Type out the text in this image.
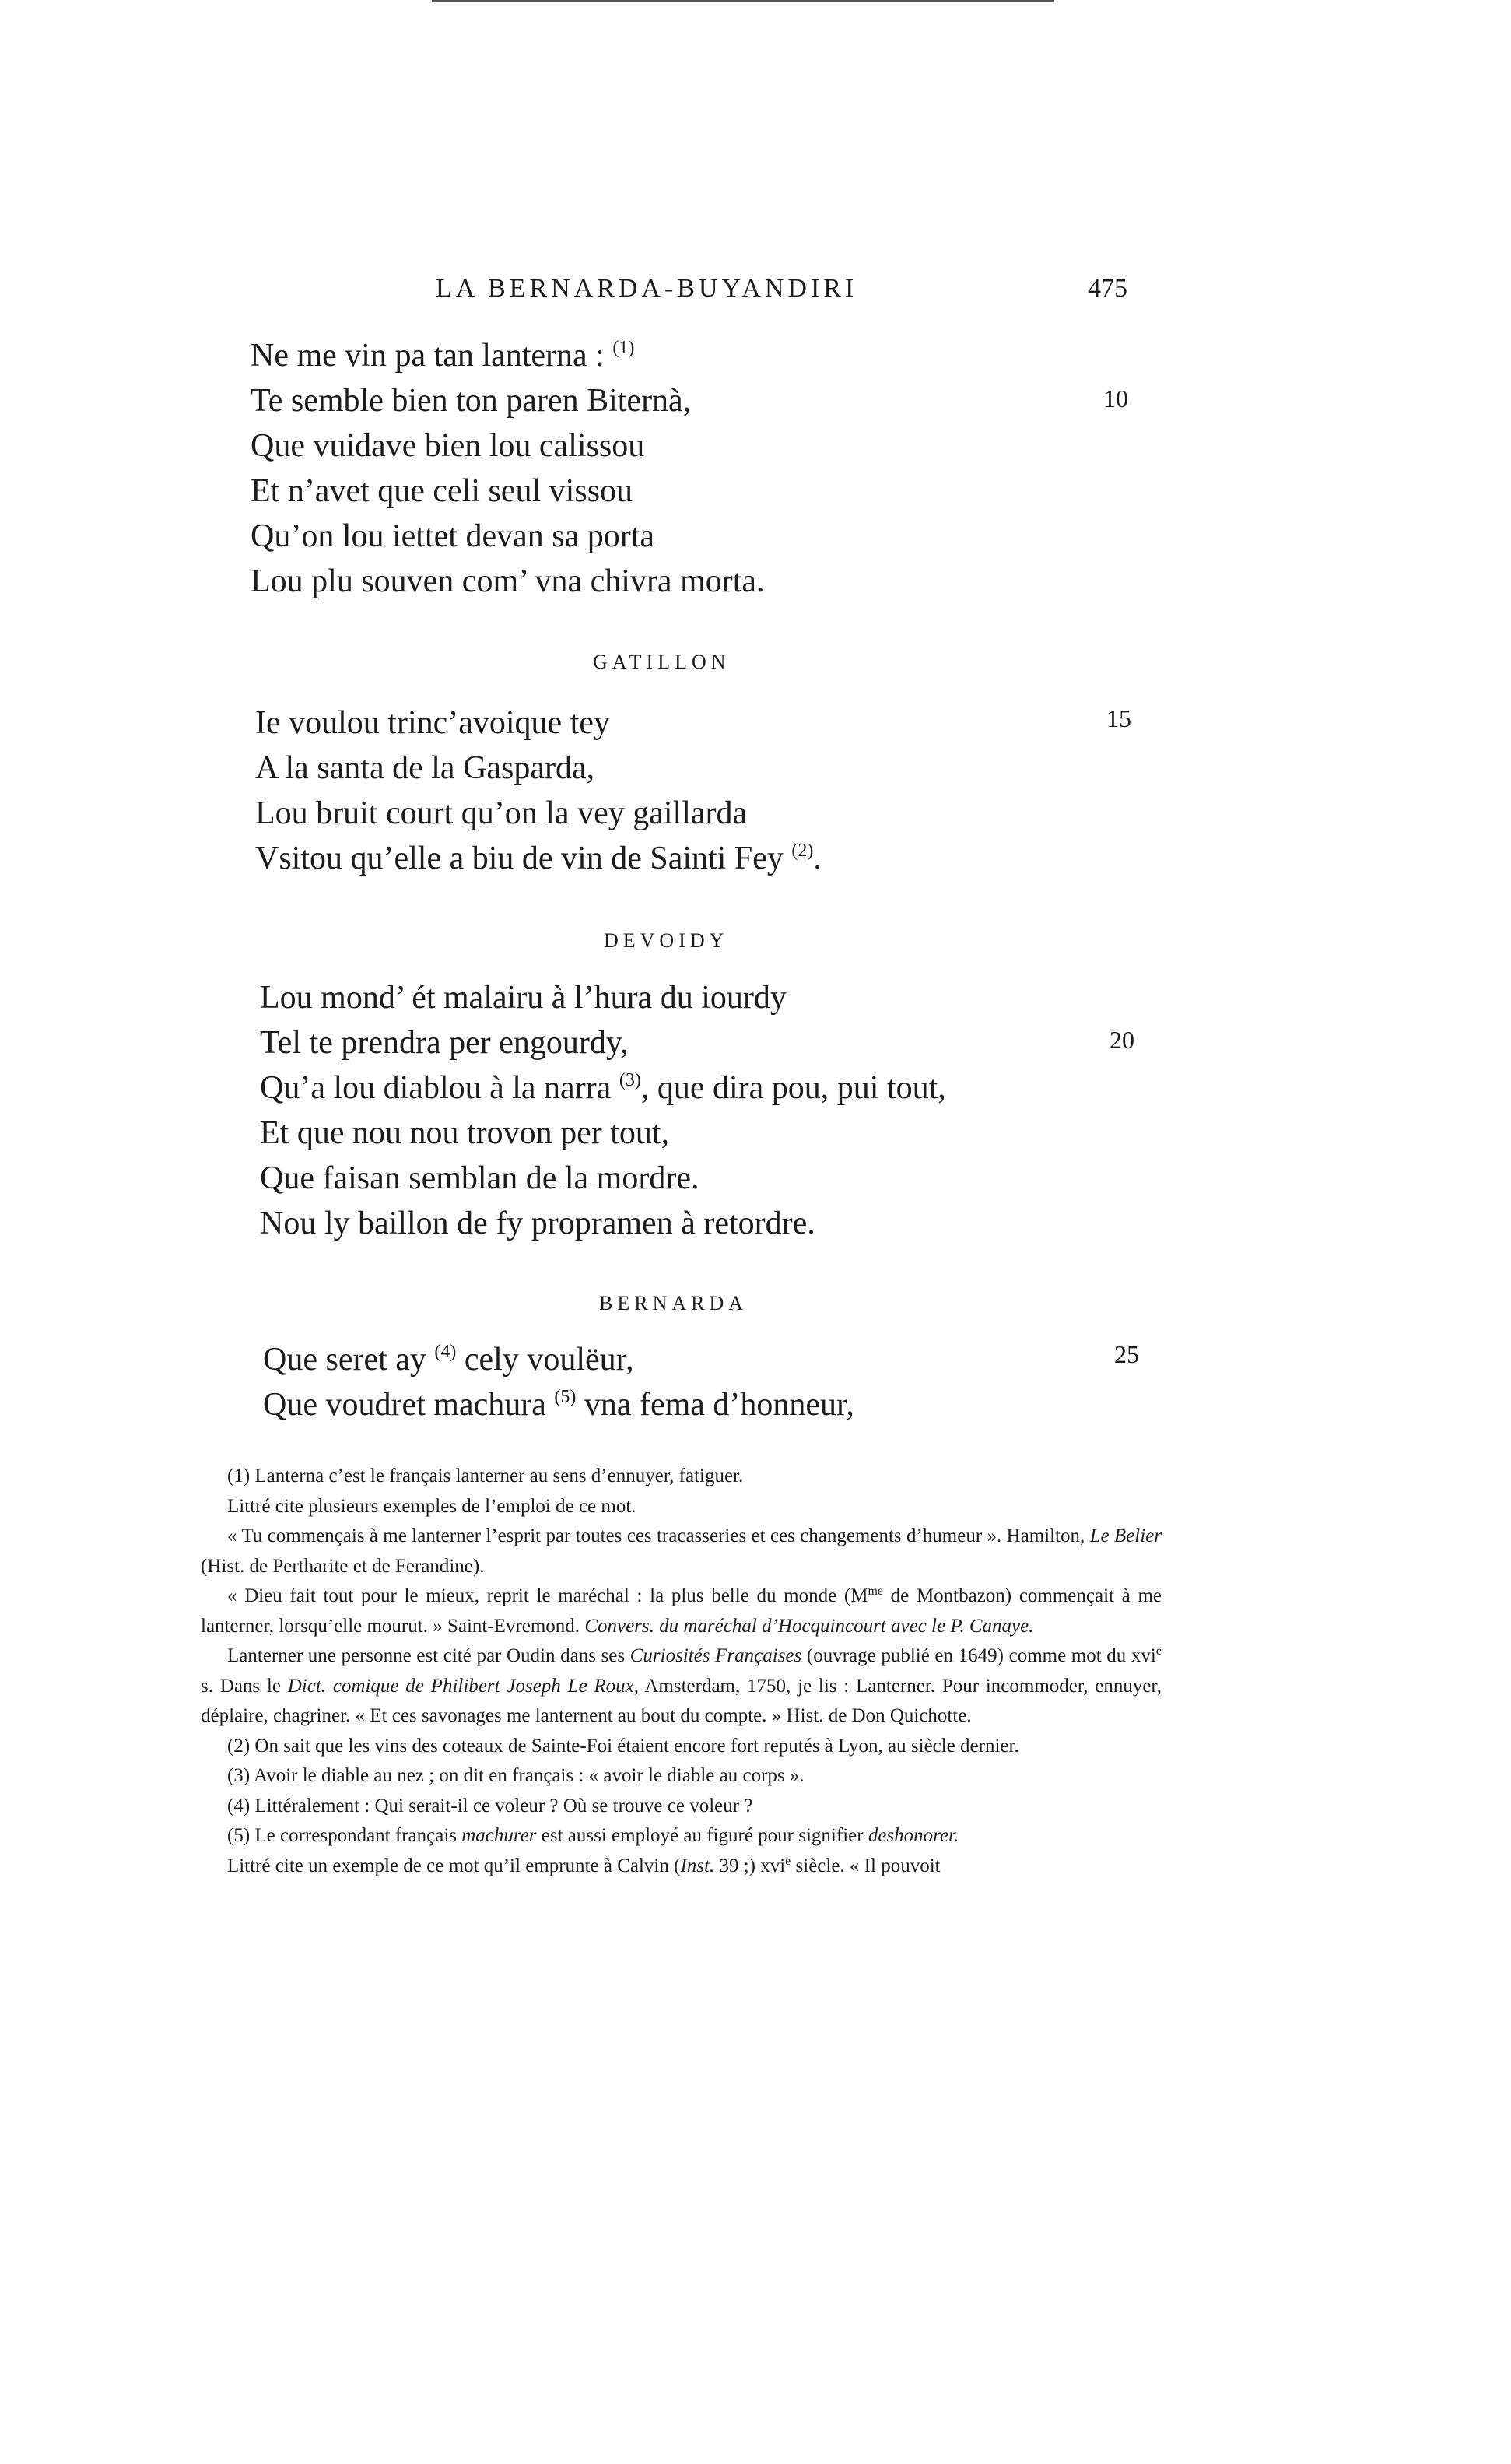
LA BERNARDA-BUYANDIRI	475
Ne me vin pa tan lanterna : $^{(1)}$
Te semble bien ton paren Biternà,
Que vuidave bien lou calissou
Et n’avet que celi seul vissou
Qu’on lou iettet devan sa porta
Lou plu souven com’ vna chivra morta.
10
GATILLON
Ie voulou trinc’avoique tey
A la santa de la Gasparda,
Lou bruit court qu’on la vey gaillarda
Vsitou qu’elle a biu de vin de Sainti Fey $^{(2)}$.
15
DEVOIDY
Lou mond’ ét malairu à l’hura du iourdy
Tel te prendra per engourdy,
Qu’a lou diablou à la narra $^{(3)}$, que dira pou, pui tout,
Et que nou nou trovon per tout,
Que faisan semblan de la mordre.
Nou ly baillon de fy propramen à retordre.
20
BERNARDA
Que seret ay $^{(4)}$ cely voulëur,
Que voudret machura $^{(5)}$ vna fema d’honneur,
25

(1) Lanterna c’est le français lanterner au sens d’ennuyer, fatiguer.

Littré cite plusieurs exemples de l’emploi de ce mot.

« Tu commençais à me lanterner l’esprit par toutes ces tracasseries et ces changements d’humeur ». Hamilton, Le Belier (Hist. de Pertharite et de Ferandine).

« Dieu fait tout pour le mieux, reprit le maréchal : la plus belle du monde ($M^{me}$ de Montbazon) commençait à me lanterner, lorsqu’elle mourut. » Saint-Evremond. Convers. du maréchal d’Hocquincourt avec le P. Canaye.

Lanterner une personne est cité par Oudin dans ses Curiosités Françaises (ouvrage publié en 1649) comme mot du xvi$^e$ s. Dans le Dict. comique de Philibert Joseph Le Roux, Amsterdam, 1750, je lis : Lanterner. Pour incommoder, ennuyer, déplaire, chagriner. « Et ces savonages me lanternent au bout du compte. » Hist. de Don Quichotte.

(2) On sait que les vins des coteaux de Sainte-Foi étaient encore fort reputés à Lyon, au siècle dernier.

(3) Avoir le diable au nez ; on dit en français : « avoir le diable au corps ».

(4) Littéralement : Qui serait-il ce voleur ? Où se trouve ce voleur ?

(5) Le correspondant français machurer est aussi employé au figuré pour signifier deshonorer.

Littré cite un exemple de ce mot qu’il emprunte à Calvin (Inst. 39 ;) xvi$^e$ siècle. « Il pouvoit
